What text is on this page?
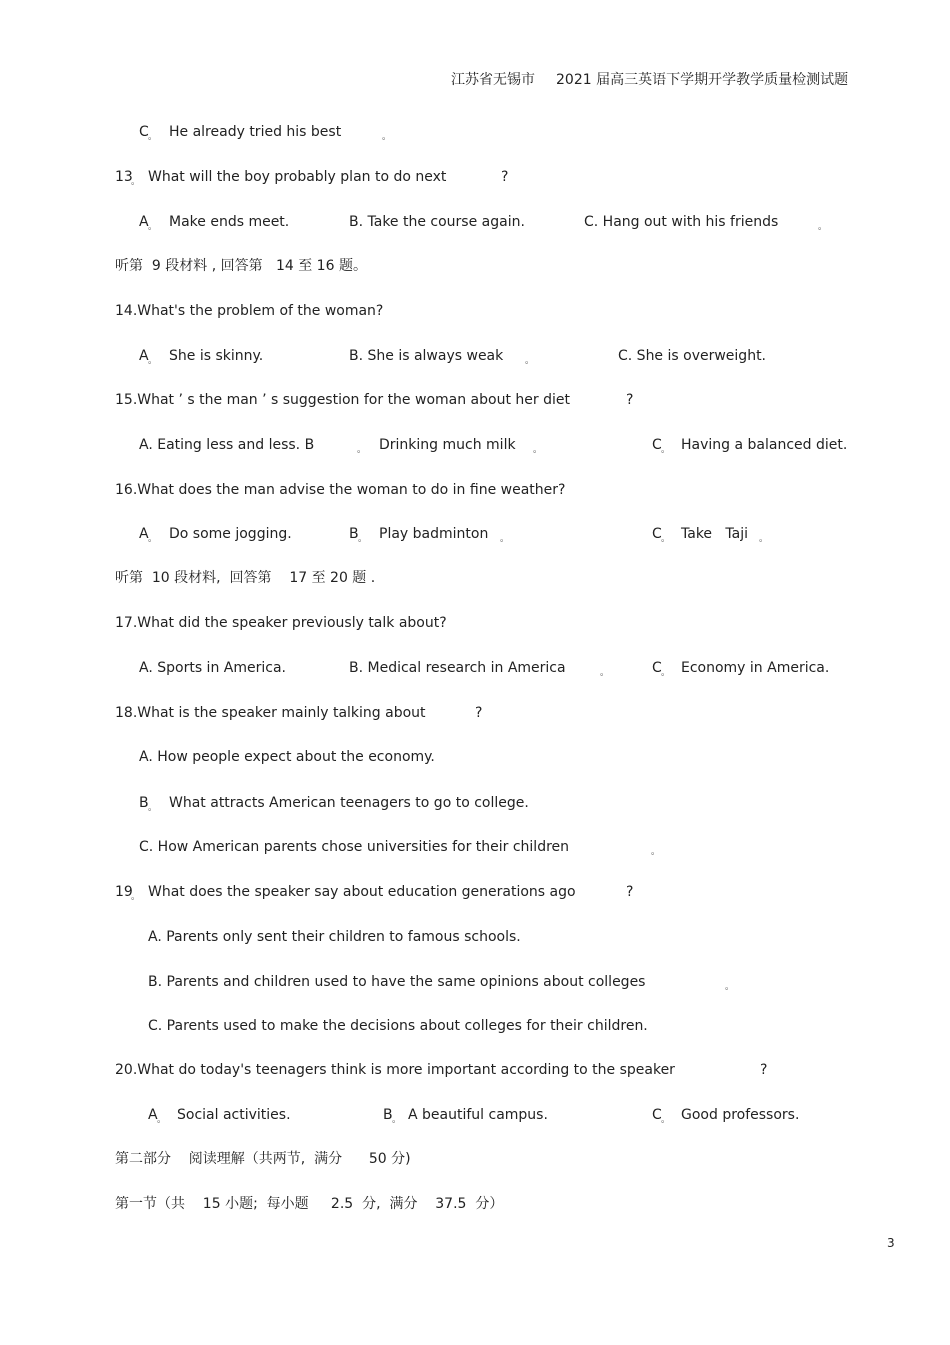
江苏省无锡市 2021 届高三英语下学期开学教学质量检测试题
C 。 He already tried his best	。
13
。 What will the boy probably plan to do next	?
A 。 Make ends meet.	B. Take the course again.	C. Hang out with his friends	。
听第  9 段材料 , 回答第   14 至 16 题。
14.What's the problem of the woman?
A 。 She is skinny.	B. She is always weak 。	C. She is overweight.
15.What ’ s the man ’ s suggestion for the woman about her diet	?
A. Eating less and less. B	。 Drinking much milk 。	C 。 Having a balanced diet.
16.What does the man advise the woman to do in fine weather?
A 。 Do some jogging.	B 。 Play badminton 。	C 。 Take   Taji 。
听第  10 段材料,  回答第    17 至 20 题 .
17.What did the speaker previously talk about?
A. Sports in America.	B. Medical research in America	。	C 。 Economy in America.
18.What is the speaker mainly talking about	?
A. How people expect about the economy.
B 。 What attracts American teenagers to go to college.
C. How American parents chose universities for their children	。
19
。 What does the speaker say about education generations ago	?
A. Parents only sent their children to famous schools.
B. Parents and children used to have the same opinions about colleges	。
C. Parents used to make the decisions about colleges for their children.
20.What do today's teenagers think is more important according to the speaker	?
A 。 Social activities.	B 。 A beautiful campus.	C 。 Good professors.
第二部分    阅读理解（共两节,  满分      50 分)
第一节（共    15 小题;  每小题     2.5  分,  满分    37.5  分）
3
